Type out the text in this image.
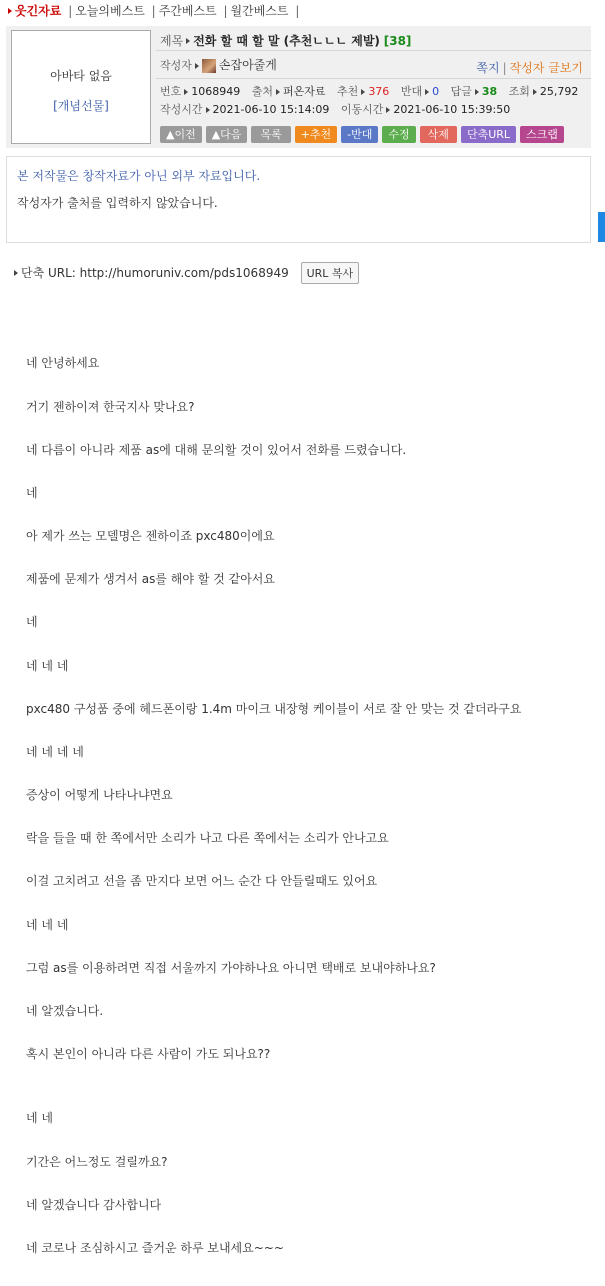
웃긴자료 | 오늘의베스트 | 주간베스트 | 월간베스트 |
아바타 없음
[개념선물]
제목 전화 할 때 할 말 (추천ㄴㄴㄴ 제발) [38]
작성자 손잡아줄게	쪽지 | 작성자 글보기
번호 1068949 출처 퍼온자료 추천 376 반대 0 답글 38 조회 25,792
작성시간 2021-06-10 15:14:09 이동시간 2021-06-10 15:39:50
▲이전 ▲다음 목록 +추천 -반대 수정 삭제 단축URL 스크랩
본 저작물은 창작자료가 아닌 외부 자료입니다.
작성자가 출처를 입력하지 않았습니다.
단축 URL: http://humoruniv.com/pds1068949 URL 복사
네 안녕하세요
거기 젠하이져 한국지사 맞나요?
네 다름이 아니라 제품 as에 대해 문의할 것이 있어서 전화를 드렸습니다.
네
아 제가 쓰는 모델명은 젠하이죠 pxc480이에요
제품에 문제가 생겨서 as를 해야 할 것 같아서요
네
네 네 네
pxc480 구성품 중에 헤드폰이랑 1.4m 마이크 내장형 케이블이 서로 잘 안 맞는 것 같더라구요
네 네 네 네
증상이 어떻게 나타나냐면요
락을 들을 때 한 쪽에서만 소리가 나고 다른 쪽에서는 소리가 안나고요
이걸 고치려고 선을 좀 만지다 보면 어느 순간 다 안들릴때도 있어요
네 네 네
그럼 as를 이용하려면 직접 서울까지 가야하나요 아니면 택배로 보내야하나요?
네 알겠습니다.
혹시 본인이 아니라 다른 사람이 가도 되나요??
네 네
기간은 어느정도 걸릴까요?
네 알겠습니다 감사합니다
네 코로나 조심하시고 즐거운 하루 보내세요~~~
